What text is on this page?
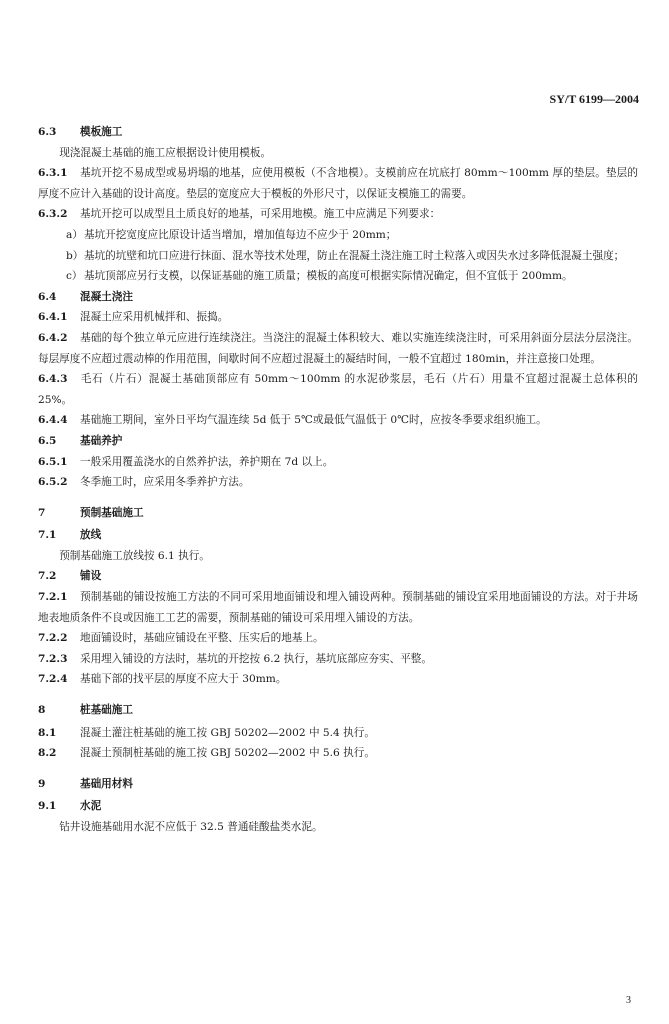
SY/T 6199—2004

6.3 模板施工

现浇混凝土基础的施工应根据设计使用模板。

6.3.1 基坑开挖不易成型或易坍塌的地基，应使用模板（不含地模）。支模前应在坑底打 80mm～100mm 厚的垫层。垫层的厚度不应计入基础的设计高度。垫层的宽度应大于模板的外形尺寸，以保证支模施工的需要。

6.3.2 基坑开挖可以成型且土质良好的地基，可采用地模。施工中应满足下列要求：

a） 基坑开挖宽度应比原设计适当增加，增加值每边不应少于 20mm；

b） 基坑的坑壁和坑口应进行抹面、混水等技术处理，防止在混凝土浇注施工时土粒落入或因失水过多降低混凝土强度；

c） 基坑顶部应另行支模，以保证基础的施工质量；模板的高度可根据实际情况确定，但不宜低于 200mm。

6.4 混凝土浇注

6.4.1 混凝土应采用机械拌和、振捣。

6.4.2 基础的每个独立单元应进行连续浇注。当浇注的混凝土体积较大、难以实施连续浇注时，可采用斜面分层法分层浇注。每层厚度不应超过震动棒的作用范围，间歇时间不应超过混凝土的凝结时间，一般不宜超过 180min，并注意接口处理。

6.4.3 毛石（片石）混凝土基础顶部应有 50mm～100mm 的水泥砂浆层，毛石（片石）用量不宜超过混凝土总体积的 25%。

6.4.4 基础施工期间，室外日平均气温连续 5d 低于 5℃或最低气温低于 0℃时，应按冬季要求组织施工。

6.5 基础养护

6.5.1 一般采用覆盖浇水的自然养护法，养护期在 7d 以上。

6.5.2 冬季施工时，应采用冬季养护方法。

7	预制基础施工

7.1 放线

预制基础施工放线按 6.1 执行。

7.2 铺设

7.2.1 预制基础的铺设按施工方法的不同可采用地面铺设和埋入铺设两种。预制基础的铺设宜采用地面铺设的方法。对于井场地表地质条件不良或因施工工艺的需要，预制基础的铺设可采用埋入铺设的方法。

7.2.2 地面铺设时，基础应铺设在平整、压实后的地基上。

7.2.3 采用埋入铺设的方法时，基坑的开挖按 6.2 执行，基坑底部应夯实、平整。

7.2.4 基础下部的找平层的厚度不应大于 30mm。

8	桩基础施工

8.1 混凝土灌注桩基础的施工按 GBJ 50202—2002 中 5.4 执行。

8.2 混凝土预制桩基础的施工按 GBJ 50202—2002 中 5.6 执行。

9	基础用材料

9.1 水泥

钻井设施基础用水泥不应低于 32.5 普通硅酸盐类水泥。

3
